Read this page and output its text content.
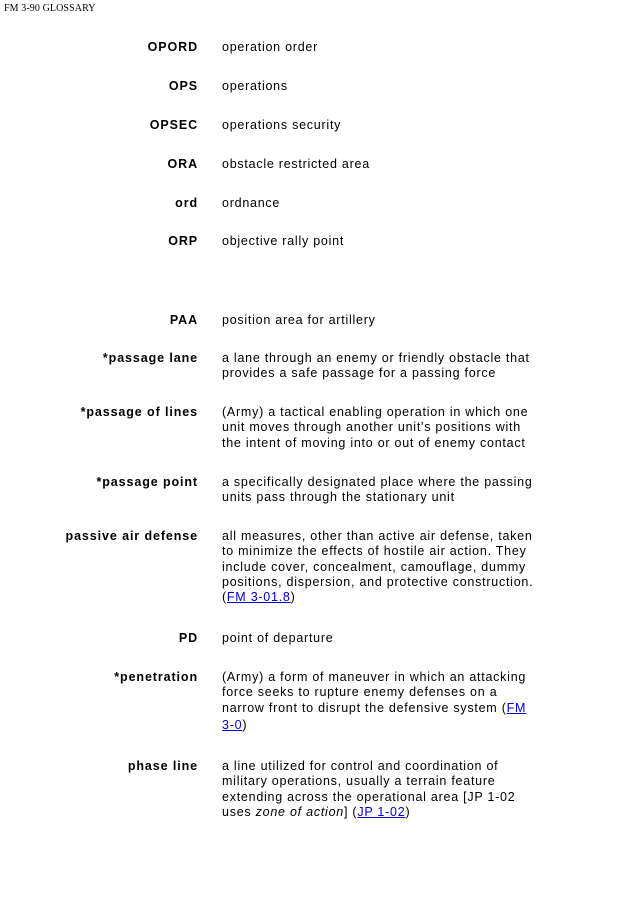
FM 3-90 GLOSSARY
OPORD operation order
OPS operations
OPSEC operations security
ORA obstacle restricted area
ord ordnance
ORP objective rally point
PAA position area for artillery
*passage lane a lane through an enemy or friendly obstacle that
provides a safe passage for a passing force
*passage of lines (Army) a tactical enabling operation in which one
unit moves through another unit's positions with
the intent of moving into or out of enemy contact
*passage point a specifically designated place where the passing
units pass through the stationary unit
passive air defense all measures, other than active air defense, taken
to minimize the effects of hostile air action. They
include cover, concealment, camouflage, dummy
positions, dispersion, and protective construction.
(FM 3-01.8)
PD point of departure
*penetration (Army) a form of maneuver in which an attacking
force seeks to rupture enemy defenses on a
narrow front to disrupt the defensive system (FM
3-0)
phase line a line utilized for control and coordination of
military operations, usually a terrain feature
extending across the operational area [JP 1-02
uses zone of action] (JP 1-02)
